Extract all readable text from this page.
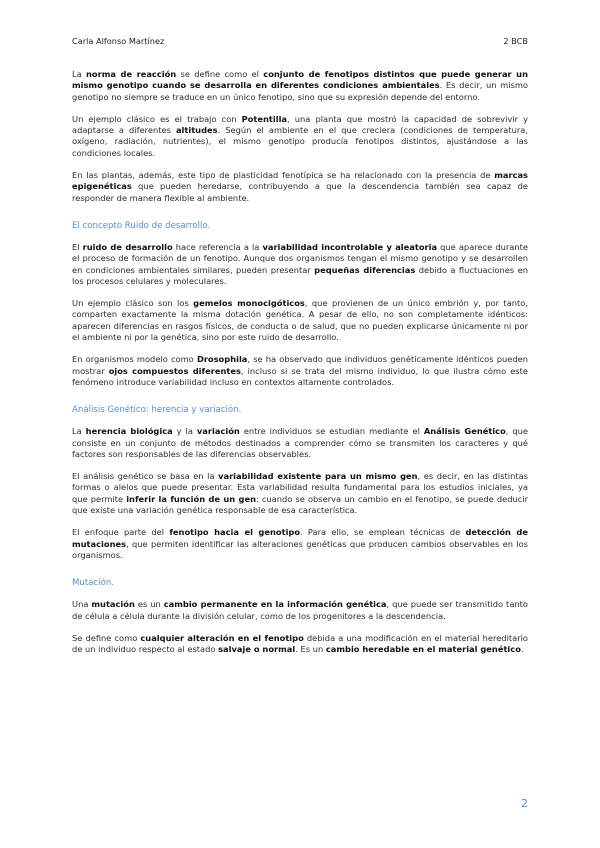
Carla Alfonso Martínez	2 BCB

La norma de reacción se define como el conjunto de fenotipos distintos que puede generar un mismo genotipo cuando se desarrolla en diferentes condiciones ambientales. Es decir, un mismo genotipo no siempre se traduce en un único fenotipo, sino que su expresión depende del entorno.

Un ejemplo clásico es el trabajo con Potentilla, una planta que mostró la capacidad de sobrevivir y adaptarse a diferentes altitudes. Según el ambiente en el que creciera (condiciones de temperatura, oxígeno, radiación, nutrientes), el mismo genotipo producía fenotipos distintos, ajustándose a las condiciones locales.

En las plantas, además, este tipo de plasticidad fenotípica se ha relacionado con la presencia de marcas epigenéticas que pueden heredarse, contribuyendo a que la descendencia también sea capaz de responder de manera flexible al ambiente.

El concepto Ruido de desarrollo.

El ruido de desarrollo hace referencia a la variabilidad incontrolable y aleatoria que aparece durante el proceso de formación de un fenotipo. Aunque dos organismos tengan el mismo genotipo y se desarrollen en condiciones ambientales similares, pueden presentar pequeñas diferencias debido a fluctuaciones en los procesos celulares y moleculares.

Un ejemplo clásico son los gemelos monocigóticos, que provienen de un único embrión y, por tanto, comparten exactamente la misma dotación genética. A pesar de ello, no son completamente idénticos: aparecen diferencias en rasgos físicos, de conducta o de salud, que no pueden explicarse únicamente ni por el ambiente ni por la genética, sino por este ruido de desarrollo.

En organismos modelo como Drosophila, se ha observado que individuos genéticamente idénticos pueden mostrar ojos compuestos diferentes, incluso si se trata del mismo individuo, lo que ilustra cómo este fenómeno introduce variabilidad incluso en contextos altamente controlados.

Análisis Genético: herencia y variación.

La herencia biológica y la variación entre individuos se estudian mediante el Análisis Genético, que consiste en un conjunto de métodos destinados a comprender cómo se transmiten los caracteres y qué factores son responsables de las diferencias observables.

El análisis genético se basa en la variabilidad existente para un mismo gen, es decir, en las distintas formas o alelos que puede presentar. Esta variabilidad resulta fundamental para los estudios iniciales, ya que permite inferir la función de un gen: cuando se observa un cambio en el fenotipo, se puede deducir que existe una variación genética responsable de esa característica.

El enfoque parte del fenotipo hacia el genotipo. Para ello, se emplean técnicas de detección de mutaciones, que permiten identificar las alteraciones genéticas que producen cambios observables en los organismos.

Mutación.

Una mutación es un cambio permanente en la información genética, que puede ser transmitido tanto de célula a célula durante la división celular, como de los progenitores a la descendencia.

Se define como cualquier alteración en el fenotipo debida a una modificación en el material hereditario de un individuo respecto al estado salvaje o normal. Es un cambio heredable en el material genético.

2
